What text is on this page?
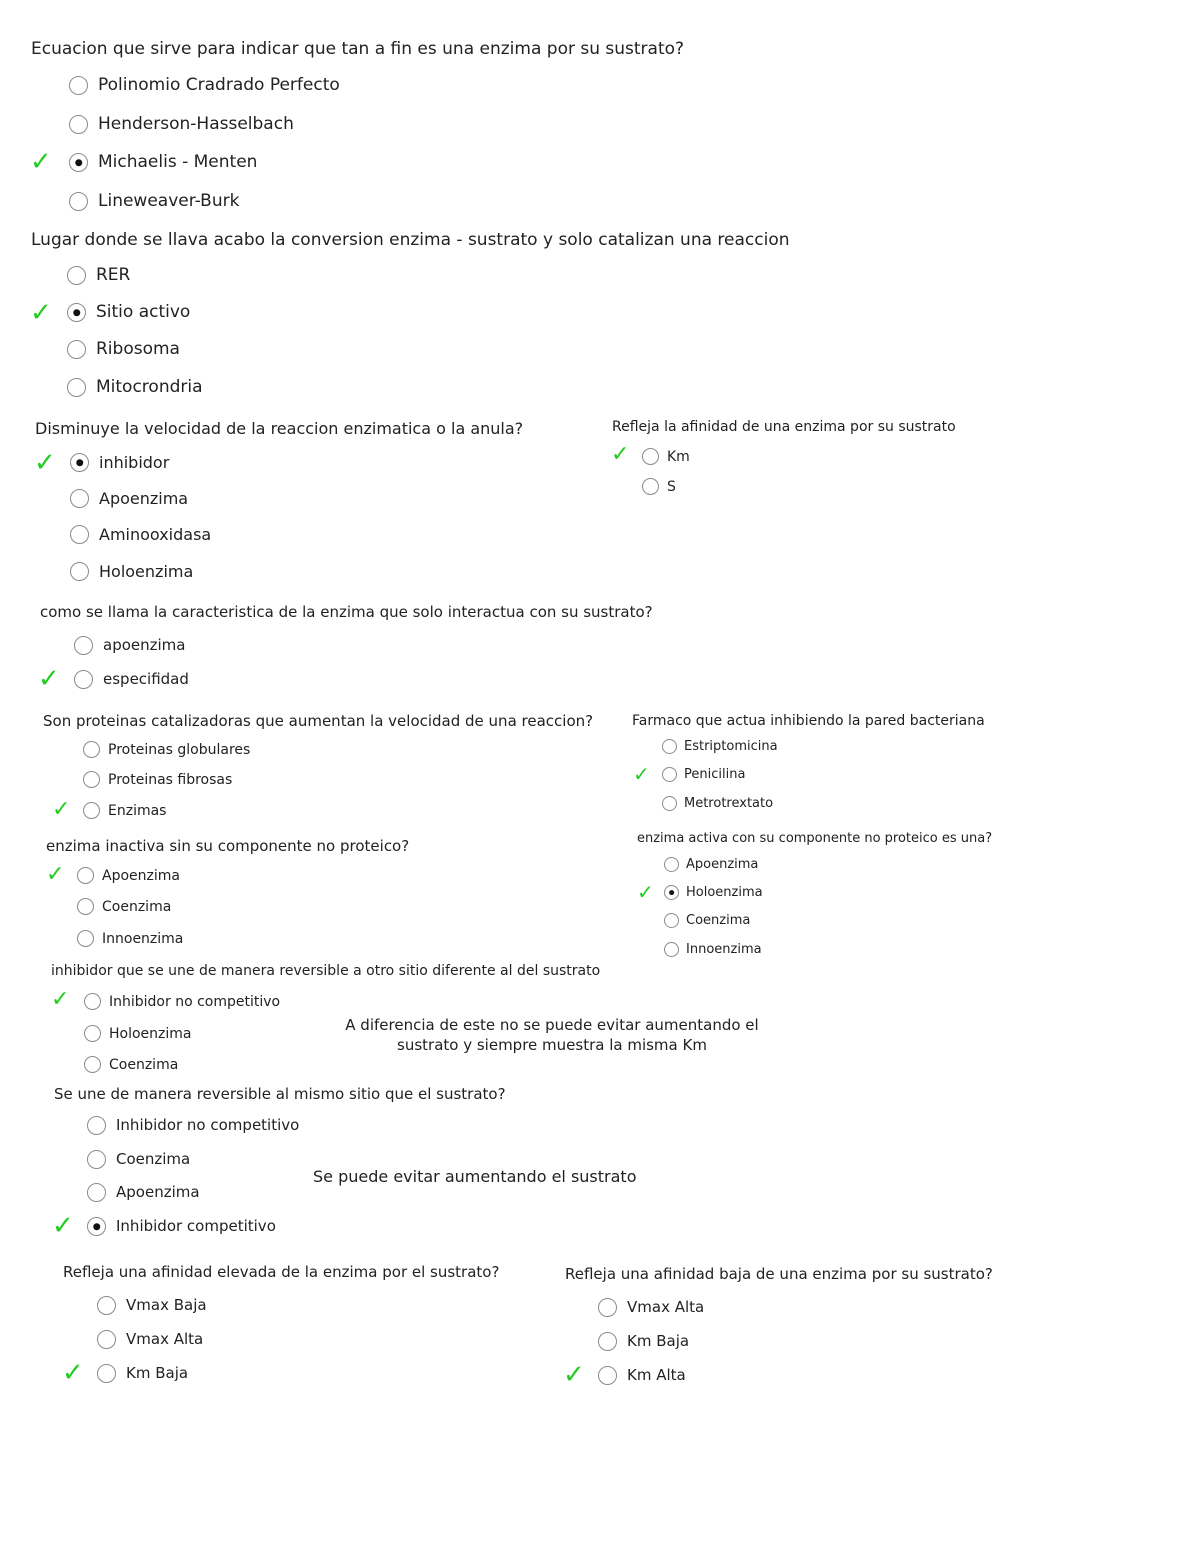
Ecuacion que sirve para indicar que tan a fin es una enzima por su sustrato?
Polinomio Cradrado Perfecto
Henderson-Hasselbach
✓	Michaelis - Menten
Lineweaver-Burk
Lugar donde se llava acabo la conversion enzima - sustrato y solo catalizan una reaccion
RER
✓	Sitio activo
Ribosoma
Mitocrondria
Disminuye la velocidad de la reaccion enzimatica o la anula?
✓	inhibidor
Apoenzima
Aminooxidasa
Holoenzima
Refleja la afinidad de una enzima por su sustrato
✓	Km
S
como se llama la caracteristica de la enzima que solo interactua con su sustrato?
apoenzima
✓	especifidad
Son proteinas catalizadoras que aumentan la velocidad de una reaccion?
Proteinas globulares
Proteinas fibrosas
✓	Enzimas
Farmaco que actua inhibiendo la pared bacteriana
Estriptomicina
✓	Penicilina
Metrotrextato
enzima inactiva sin su componente no proteico?
✓	Apoenzima
Coenzima
Innoenzima
enzima activa con su componente no proteico es una?
Apoenzima
✓ Holoenzima
Coenzima
Innoenzima
inhibidor que se une de manera reversible a otro sitio diferente al del sustrato
✓	Inhibidor no competitivo
Holoenzima
Coenzima
A diferencia de este no se puede evitar aumentando el
sustrato y siempre muestra la misma Km
Se une de manera reversible al mismo sitio que el sustrato?
Inhibidor no competitivo
Coenzima
Apoenzima
✓	Inhibidor competitivo
Se puede evitar aumentando el sustrato
Refleja una afinidad elevada de la enzima por el sustrato?
Vmax Baja
Vmax Alta
✓	Km Baja
Refleja una afinidad baja de una enzima por su sustrato?
Vmax Alta
Km Baja
✓	Km Alta
